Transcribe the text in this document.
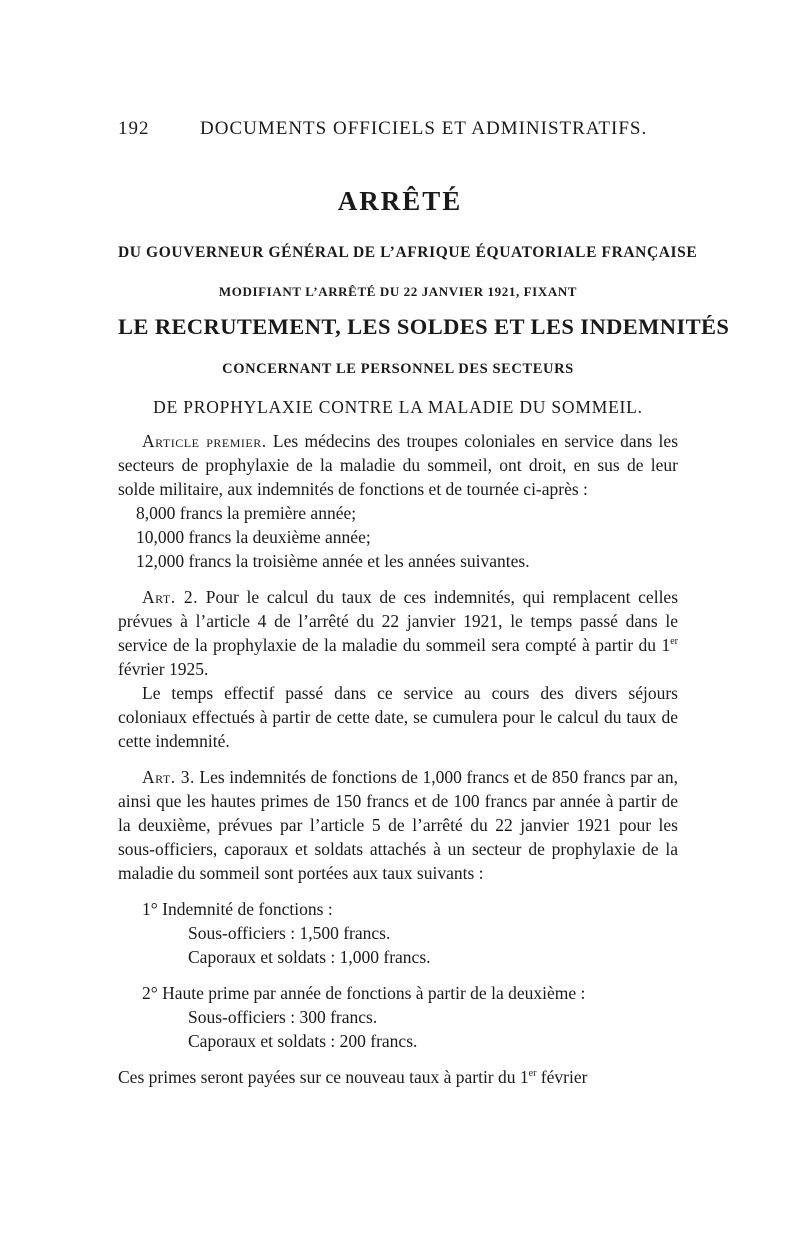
192	DOCUMENTS OFFICIELS ET ADMINISTRATIFS.
ARRÊTÉ
DU GOUVERNEUR GÉNÉRAL DE L’AFRIQUE ÉQUATORIALE FRANÇAISE
MODIFIANT L’ARRÊTÉ DU 22 JANVIER 1921, FIXANT
LE RECRUTEMENT, LES SOLDES ET LES INDEMNITÉS
CONCERNANT LE PERSONNEL DES SECTEURS
DE PROPHYLAXIE CONTRE LA MALADIE DU SOMMEIL.

Article premier. Les médecins des troupes coloniales en service dans les secteurs de prophylaxie de la maladie du sommeil, ont droit, en sus de leur solde militaire, aux indemnités de fonctions et de tournée ci-après :

8,000 francs la première année;

10,000 francs la deuxième année;

12,000 francs la troisième année et les années suivantes.

Art. 2. Pour le calcul du taux de ces indemnités, qui remplacent celles prévues à l’article 4 de l’arrêté du 22 janvier 1921, le temps passé dans le service de la prophylaxie de la maladie du sommeil sera compté à partir du 1er février 1925.

Le temps effectif passé dans ce service au cours des divers séjours coloniaux effectués à partir de cette date, se cumulera pour le calcul du taux de cette indemnité.

Art. 3. Les indemnités de fonctions de 1,000 francs et de 850 francs par an, ainsi que les hautes primes de 150 francs et de 100 francs par année à partir de la deuxième, prévues par l’article 5 de l’arrêté du 22 janvier 1921 pour les sous-officiers, caporaux et soldats attachés à un secteur de prophylaxie de la maladie du sommeil sont portées aux taux suivants :

1° Indemnité de fonctions :

Sous-officiers : 1,500 francs.

Caporaux et soldats : 1,000 francs.

2° Haute prime par année de fonctions à partir de la deuxième :

Sous-officiers : 300 francs.

Caporaux et soldats : 200 francs.

Ces primes seront payées sur ce nouveau taux à partir du 1er février
